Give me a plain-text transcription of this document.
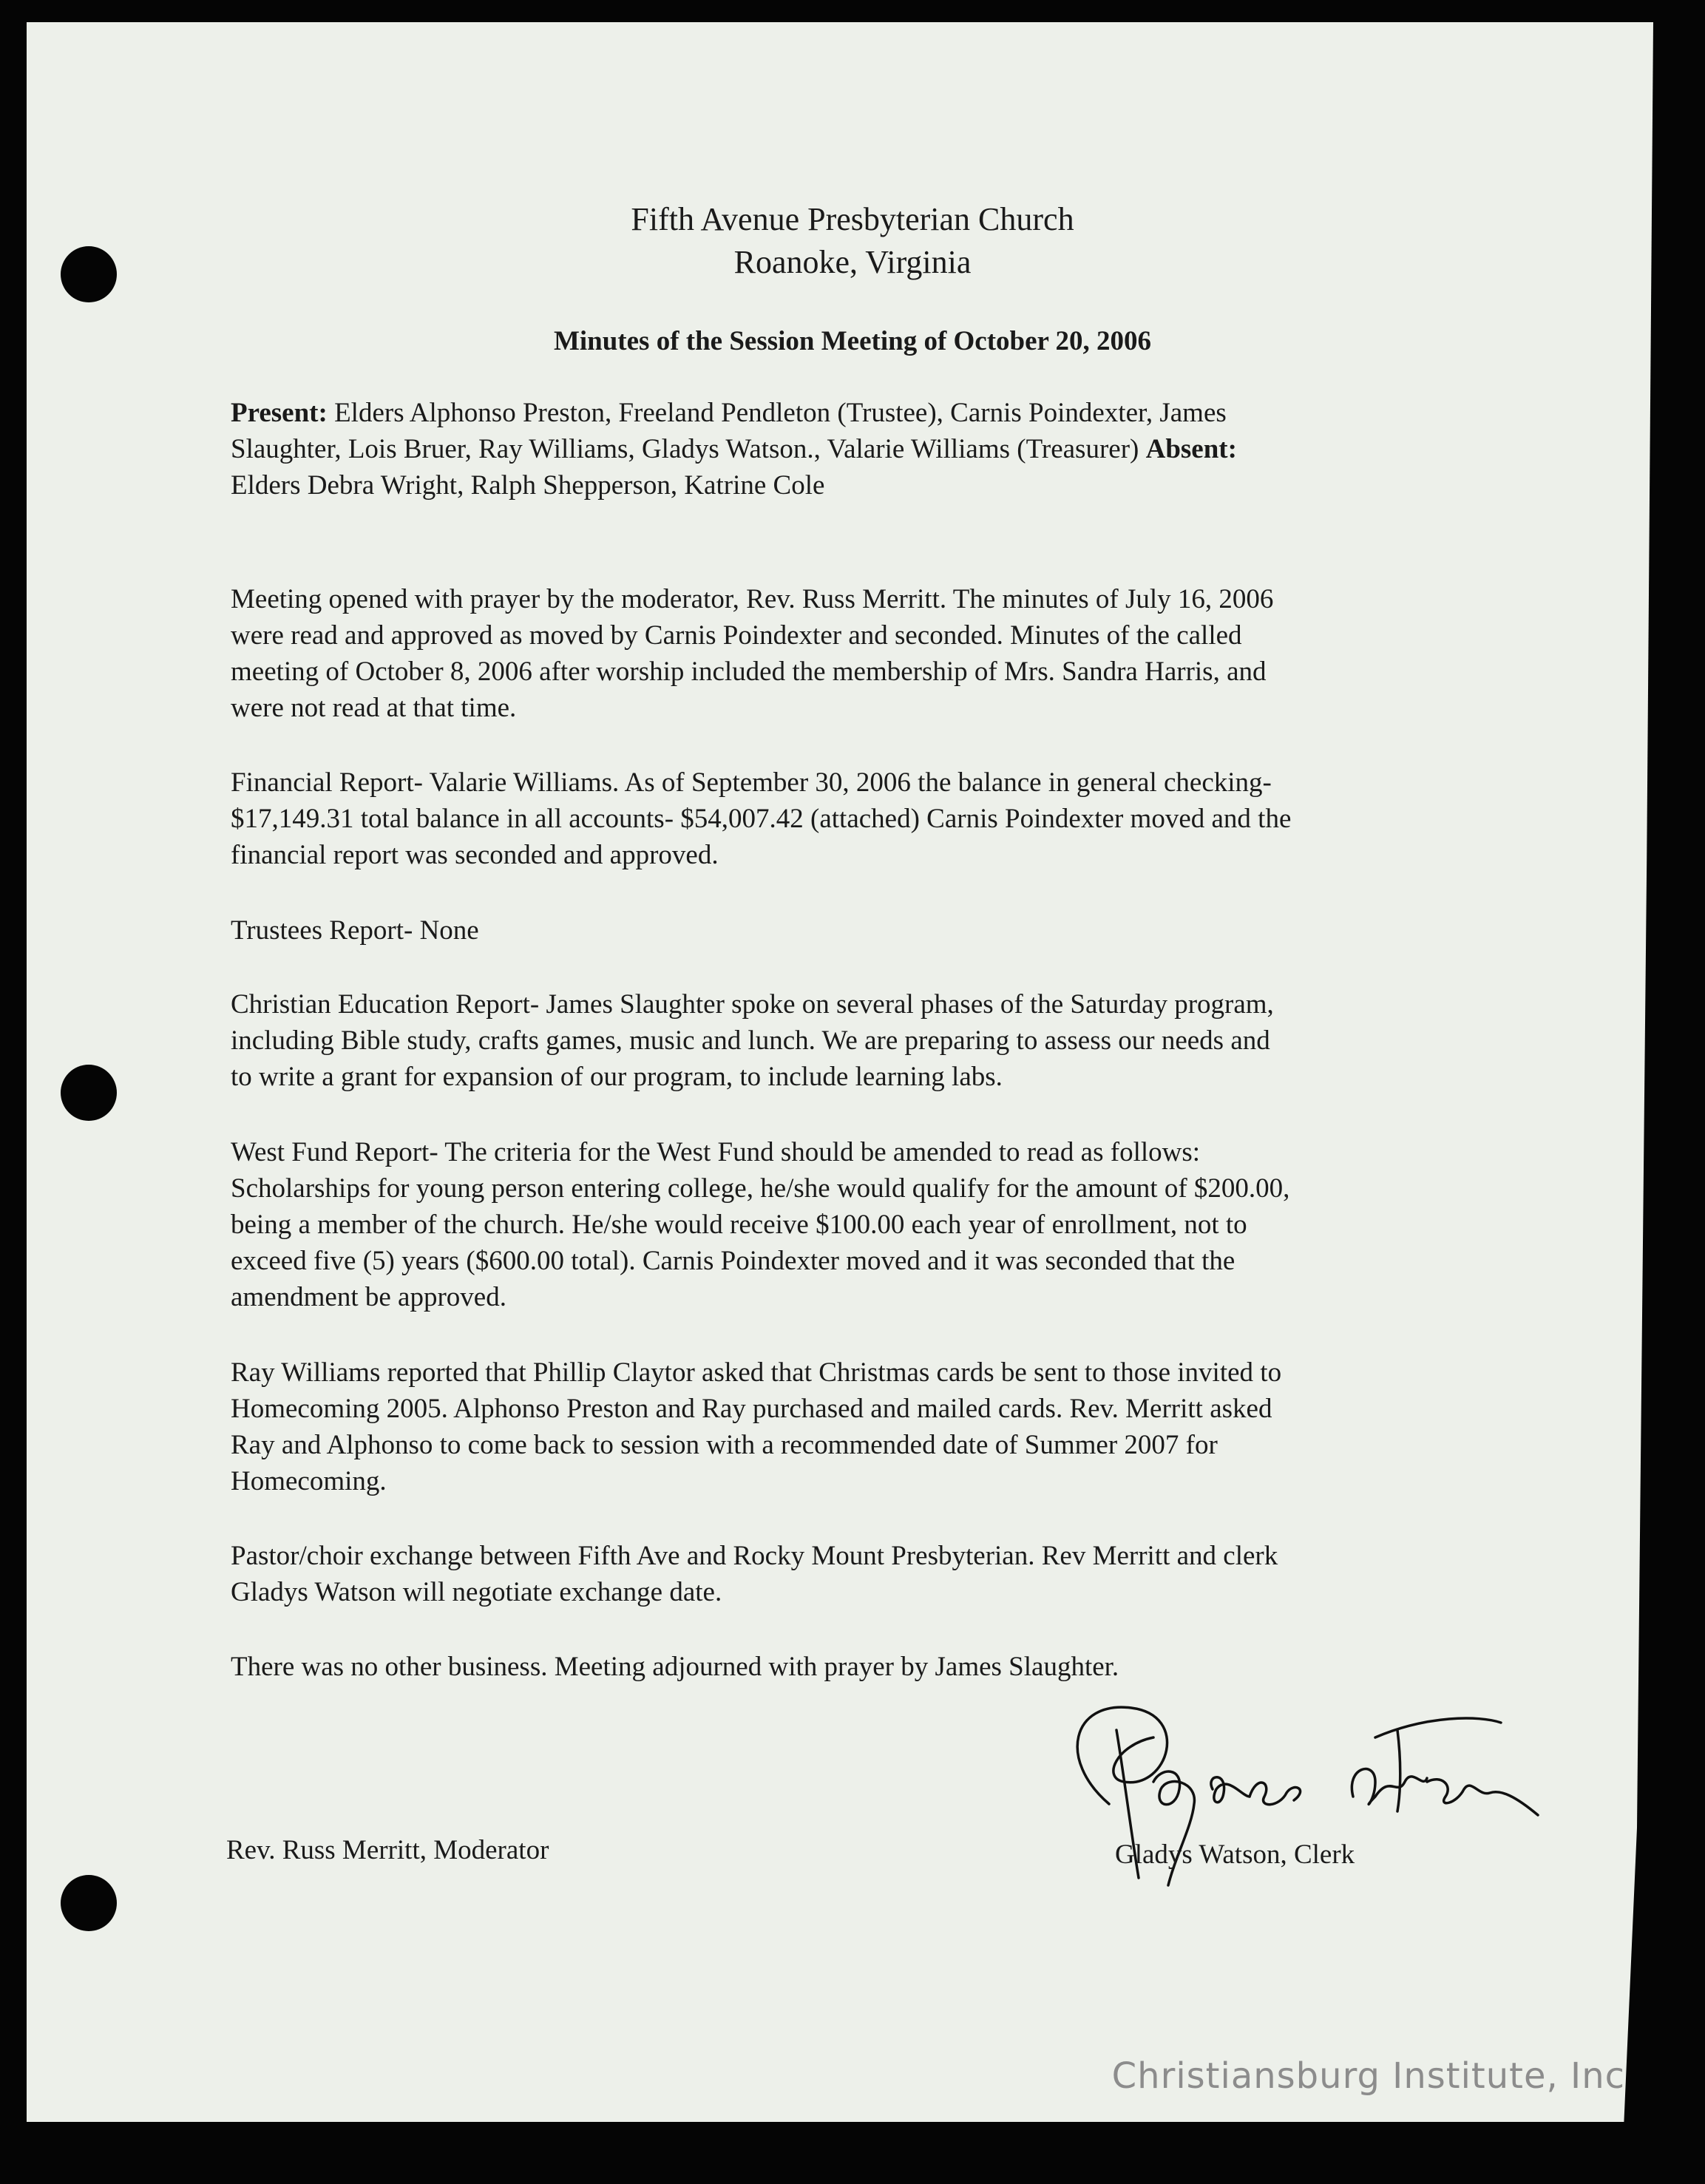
Fifth Avenue Presbyterian Church
Roanoke, Virginia
Minutes of the Session Meeting of October 20, 2006
Present: Elders Alphonso Preston, Freeland Pendleton (Trustee), Carnis Poindexter, James
Slaughter, Lois Bruer, Ray Williams, Gladys Watson., Valarie Williams (Treasurer) Absent:
Elders Debra Wright, Ralph Shepperson, Katrine Cole
Meeting opened with prayer by the moderator, Rev. Russ Merritt. The minutes of July 16, 2006
were read and approved as moved by Carnis Poindexter and seconded. Minutes of the called
meeting of October 8, 2006 after worship included the membership of Mrs. Sandra Harris, and
were not read at that time.
Financial Report- Valarie Williams. As of September 30, 2006 the balance in general checking-
$17,149.31 total balance in all accounts- $54,007.42 (attached) Carnis Poindexter moved and the
financial report was seconded and approved.
Trustees Report- None
Christian Education Report- James Slaughter spoke on several phases of the Saturday program,
including Bible study, crafts games, music and lunch. We are preparing to assess our needs and
to write a grant for expansion of our program, to include learning labs.
West Fund Report- The criteria for the West Fund should be amended to read as follows:
Scholarships for young person entering college, he/she would qualify for the amount of $200.00,
being a member of the church. He/she would receive $100.00 each year of enrollment, not to
exceed five (5) years ($600.00 total). Carnis Poindexter moved and it was seconded that the
amendment be approved.
Ray Williams reported that Phillip Claytor asked that Christmas cards be sent to those invited to
Homecoming 2005. Alphonso Preston and Ray purchased and mailed cards. Rev. Merritt asked
Ray and Alphonso to come back to session with a recommended date of Summer 2007 for
Homecoming.
Pastor/choir exchange between Fifth Ave and Rocky Mount Presbyterian. Rev Merritt and clerk
Gladys Watson will negotiate exchange date.
There was no other business. Meeting adjourned with prayer by James Slaughter.
Rev. Russ Merritt, Moderator	Gladys Watson, Clerk
Christiansburg Institute, Inc
